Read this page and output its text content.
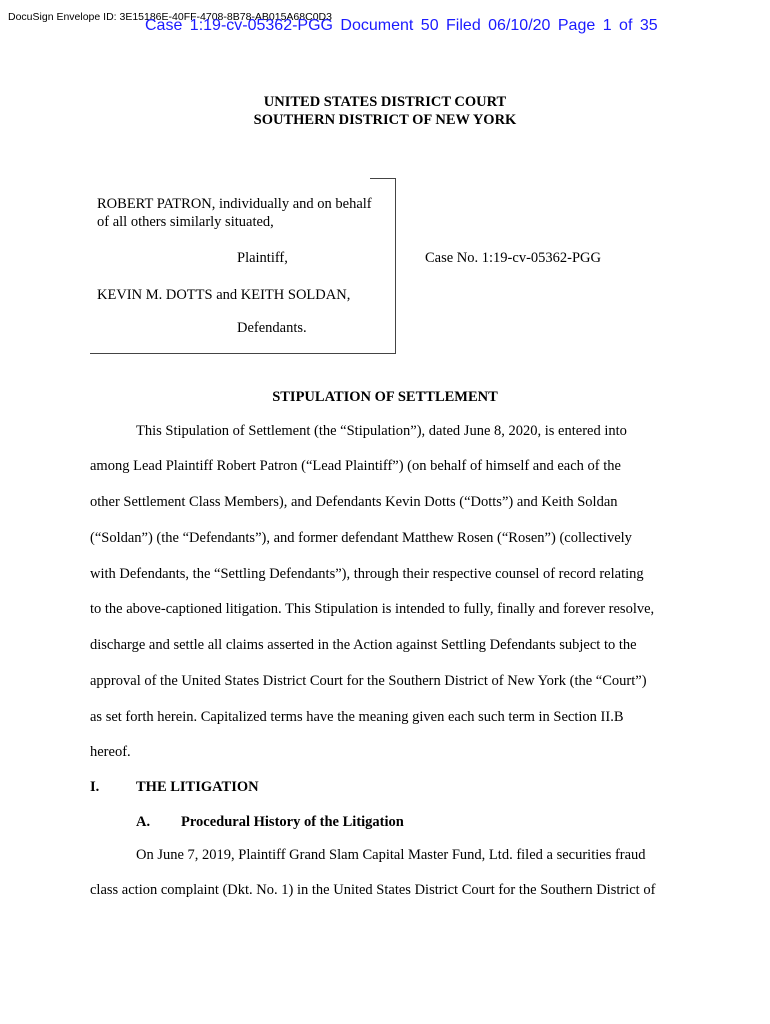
DocuSign Envelope ID: 3E15186E-40FF-4708-8B78-AB015A68C0D3
Case 1:19-cv-05362-PGG Document 50 Filed 06/10/20 Page 1 of 35
UNITED STATES DISTRICT COURT
SOUTHERN DISTRICT OF NEW YORK
ROBERT PATRON, individually and on behalf
of all others similarly situated,
Plaintiff,
KEVIN M. DOTTS and KEITH SOLDAN,
Defendants.
Case No. 1:19-cv-05362-PGG
STIPULATION OF SETTLEMENT
This Stipulation of Settlement (the “Stipulation”), dated June 8, 2020, is entered into
among Lead Plaintiff Robert Patron (“Lead Plaintiff”) (on behalf of himself and each of the
other Settlement Class Members), and Defendants Kevin Dotts (“Dotts”) and Keith Soldan
(“Soldan”) (the “Defendants”), and former defendant Matthew Rosen (“Rosen”) (collectively
with Defendants, the “Settling Defendants”), through their respective counsel of record relating
to the above-captioned litigation. This Stipulation is intended to fully, finally and forever resolve,
discharge and settle all claims asserted in the Action against Settling Defendants subject to the
approval of the United States District Court for the Southern District of New York (the “Court”)
as set forth herein. Capitalized terms have the meaning given each such term in Section II.B
hereof.
I.	THE LITIGATION
A. Procedural History of the Litigation
On June 7, 2019, Plaintiff Grand Slam Capital Master Fund, Ltd. filed a securities fraud
class action complaint (Dkt. No. 1) in the United States District Court for the Southern District of
